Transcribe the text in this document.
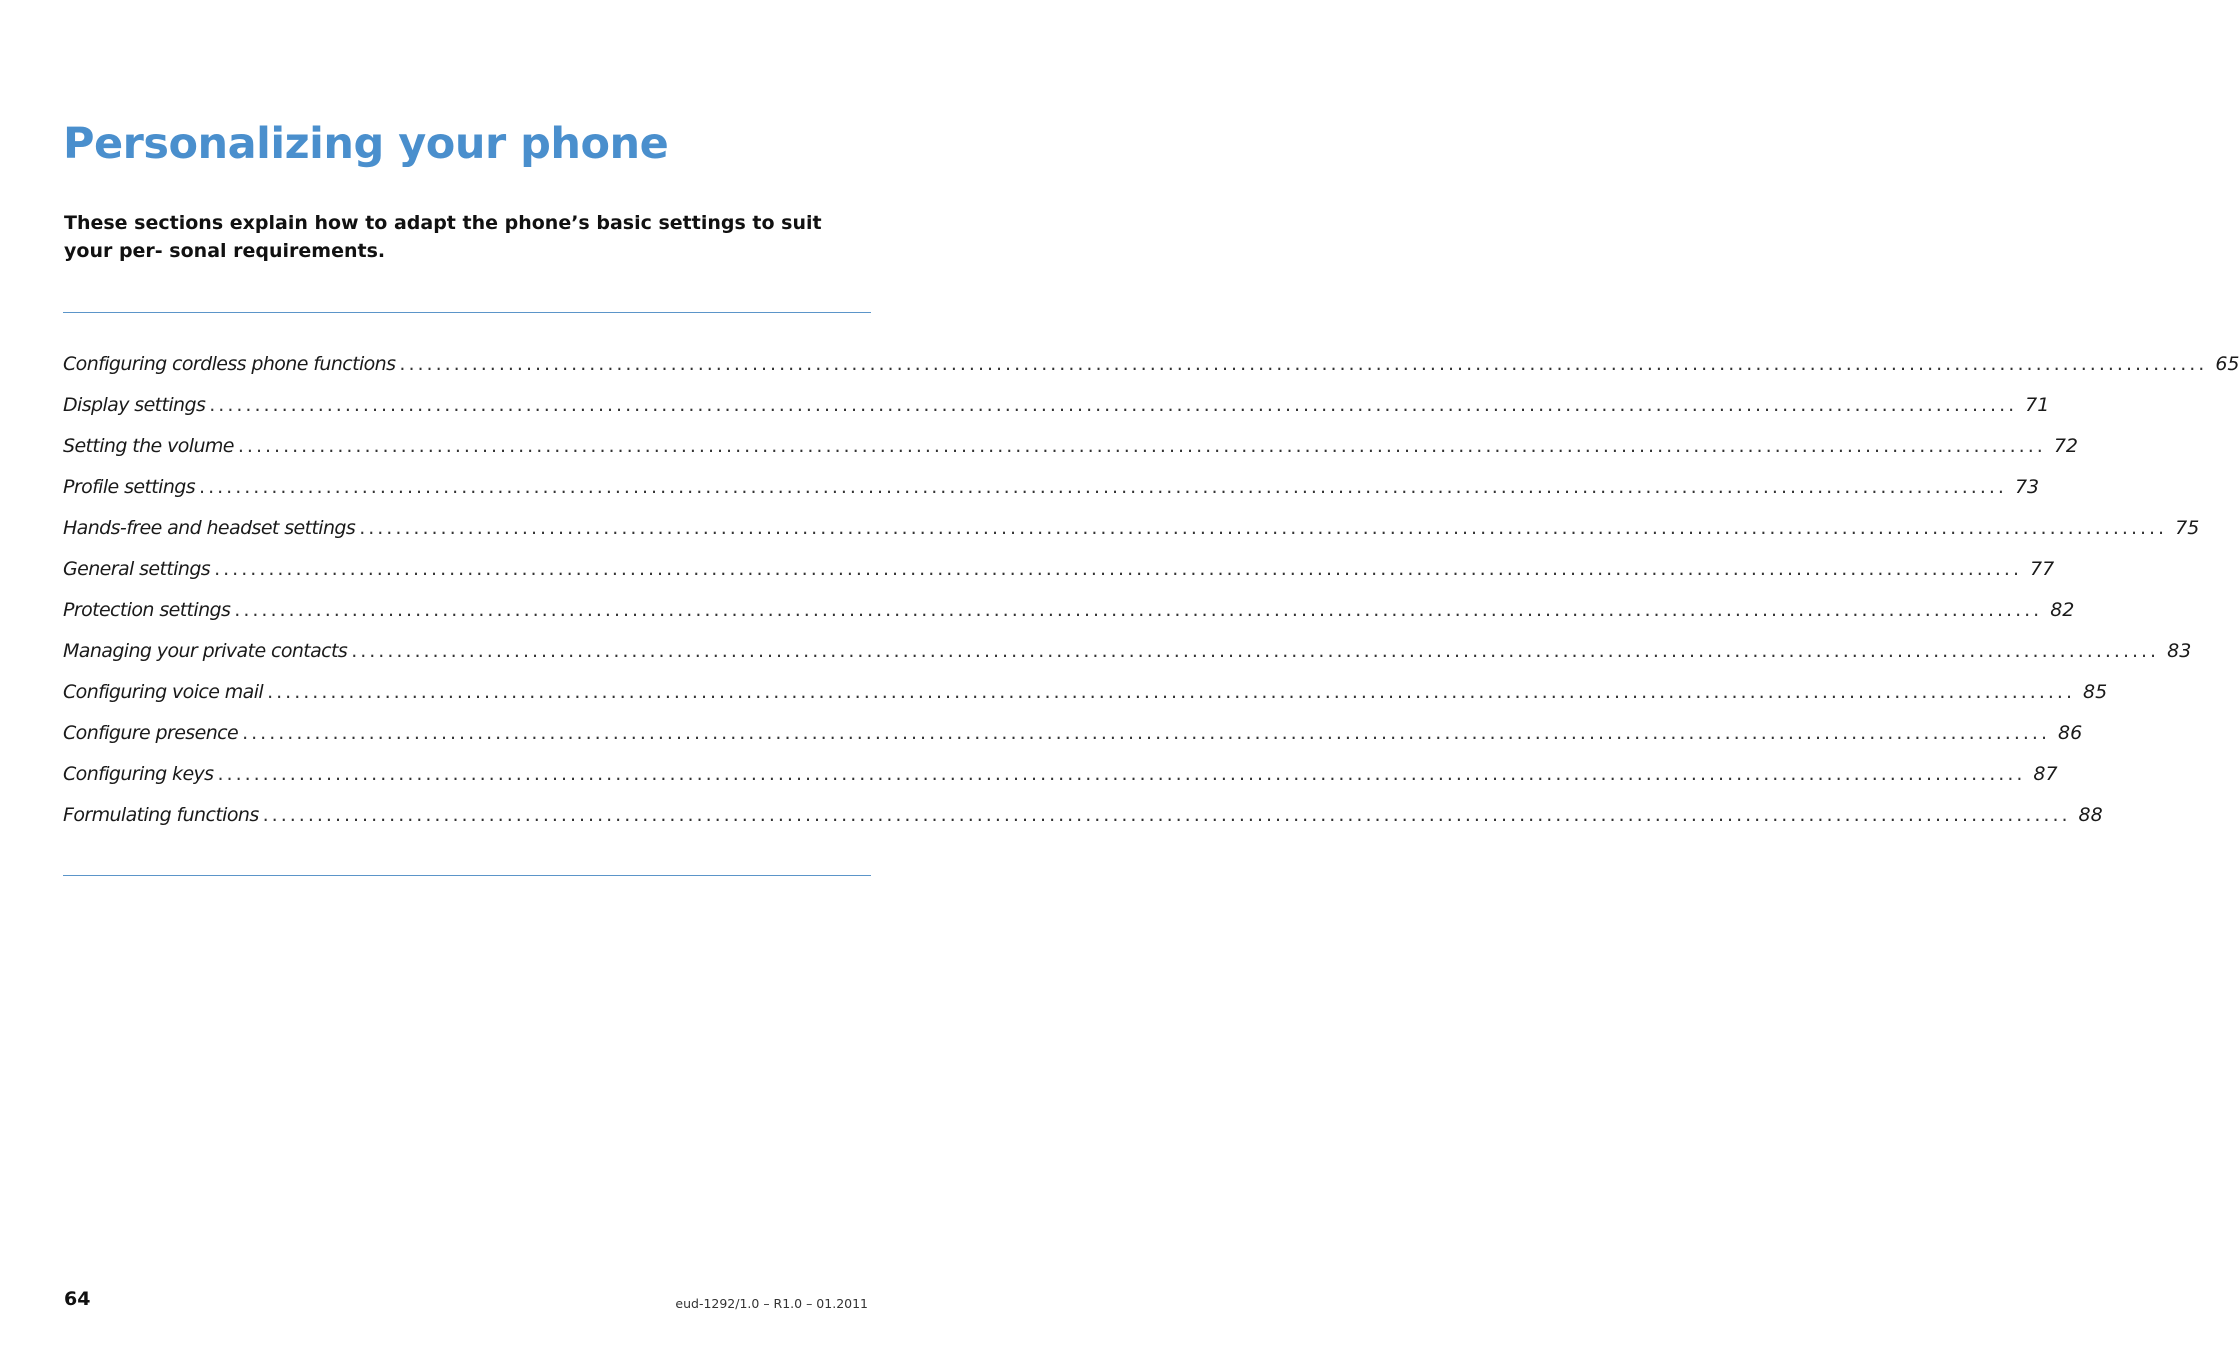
Personalizing your phone

These sections explain how to adapt the phone’s basic settings to suit your per- sonal requirements.

Configuring cordless phone functions ........................................................................................................................................................................................................ 65
Display settings ........................................................................................................................................................................................................ 71
Setting the volume ........................................................................................................................................................................................................ 72
Profile settings ........................................................................................................................................................................................................ 73
Hands-free and headset settings ........................................................................................................................................................................................................ 75
General settings ........................................................................................................................................................................................................ 77
Protection settings ........................................................................................................................................................................................................ 82
Managing your private contacts ........................................................................................................................................................................................................ 83
Configuring voice mail ........................................................................................................................................................................................................ 85
Configure presence ........................................................................................................................................................................................................ 86
Configuring keys ........................................................................................................................................................................................................ 87
Formulating functions ........................................................................................................................................................................................................ 88
64	eud-1292/1.0 – R1.0 – 01.2011
